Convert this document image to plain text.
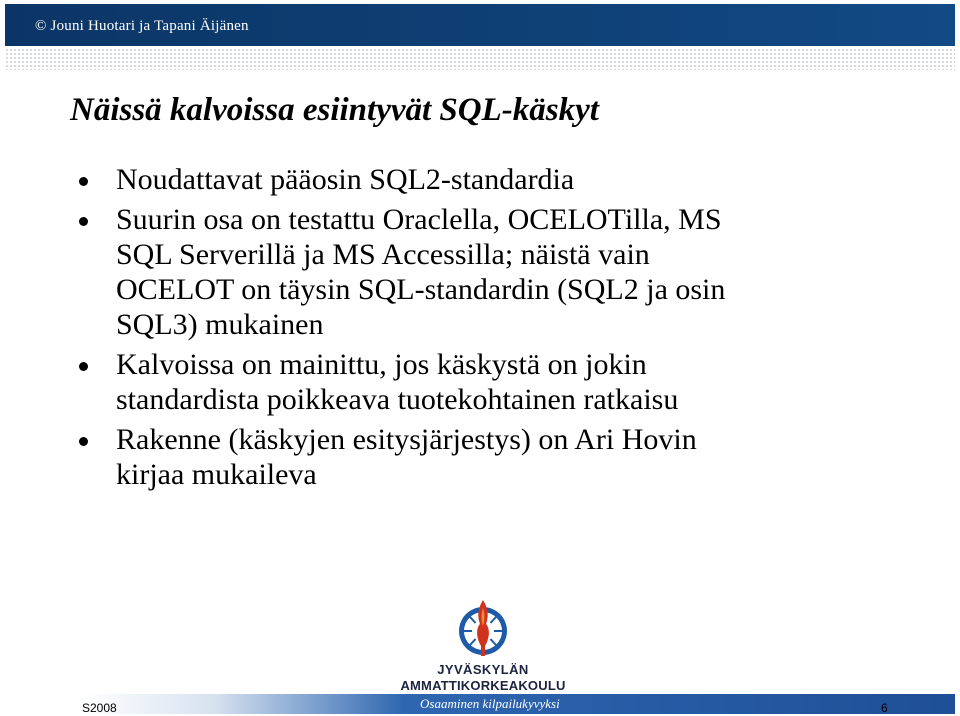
© Jouni Huotari ja Tapani Äijänen
Näissä kalvoissa esiintyvät SQL-käskyt
Noudattavat pääosin SQL2-standardia
Suurin osa on testattu Oraclella, OCELOTilla, MS
SQL Serverillä ja MS Accessilla; näistä vain
OCELOT on täysin SQL-standardin (SQL2 ja osin
SQL3) mukainen
Kalvoissa on mainittu, jos käskystä on jokin
standardista poikkeava tuotekohtainen ratkaisu
Rakenne (käskyjen esitysjärjestys) on Ari Hovin
kirjaa mukaileva
JYVÄSKYLÄN
AMMATTIKORKEAKOULU
S2008	Osaaminen kilpailukyvyksi	6
